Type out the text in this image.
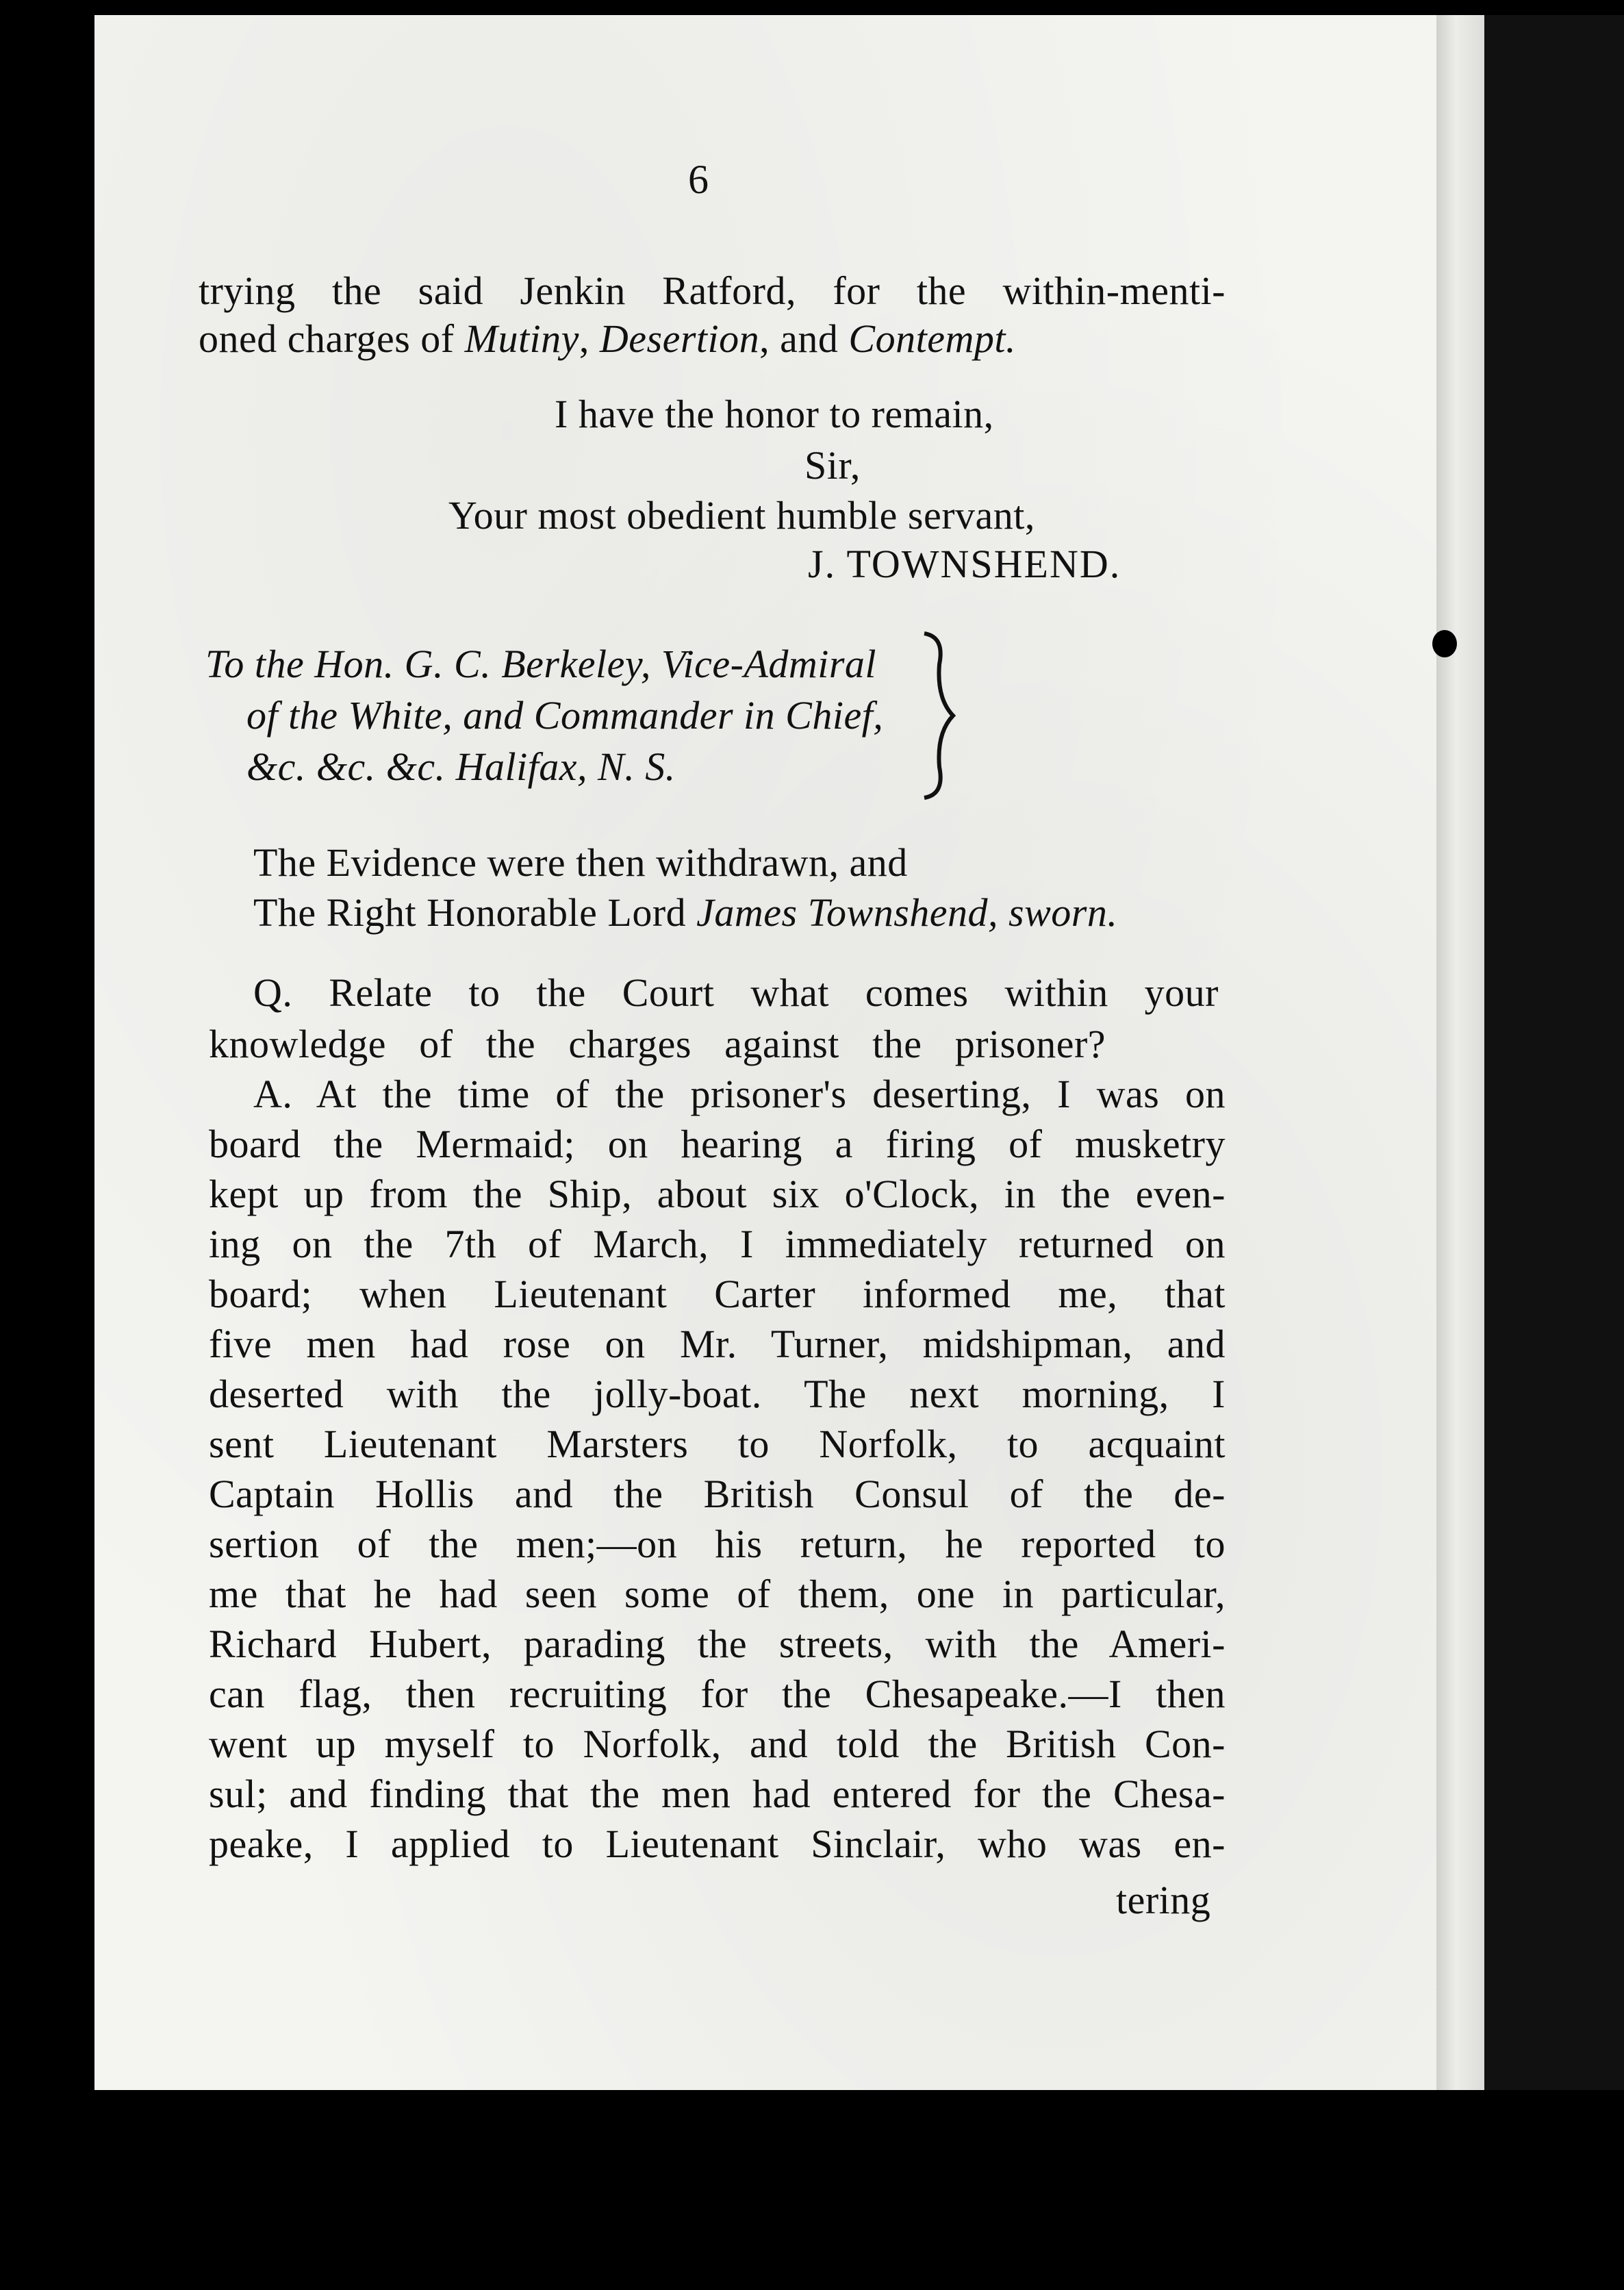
6
trying the said Jenkin Ratford, for the within-menti-
oned charges of Mutiny, Desertion, and Contempt.
I have the honor to remain,
Sir,
Your most obedient humble servant,
J. TOWNSHEND.
To the Hon. G. C. Berkeley, Vice-Admiral
of the White, and Commander in Chief,
&c. &c. &c. Halifax, N. S.
The Evidence were then withdrawn, and
The Right Honorable Lord James Townshend, sworn.
Q. Relate to the Court what comes within your
knowledge of the charges against the prisoner?
A. At the time of the prisoner's deserting, I was on
board the Mermaid; on hearing a firing of musketry
kept up from the Ship, about six o'Clock, in the even-
ing on the 7th of March, I immediately returned on
board; when Lieutenant Carter informed me, that
five men had rose on Mr. Turner, midshipman, and
deserted with the jolly-boat. The next morning, I
sent Lieutenant Marsters to Norfolk, to acquaint
Captain Hollis and the British Consul of the de-
sertion of the men;—on his return, he reported to
me that he had seen some of them, one in particular,
Richard Hubert, parading the streets, with the Ameri-
can flag, then recruiting for the Chesapeake.—I then
went up myself to Norfolk, and told the British Con-
sul; and finding that the men had entered for the Chesa-
peake, I applied to Lieutenant Sinclair, who was en-
tering
